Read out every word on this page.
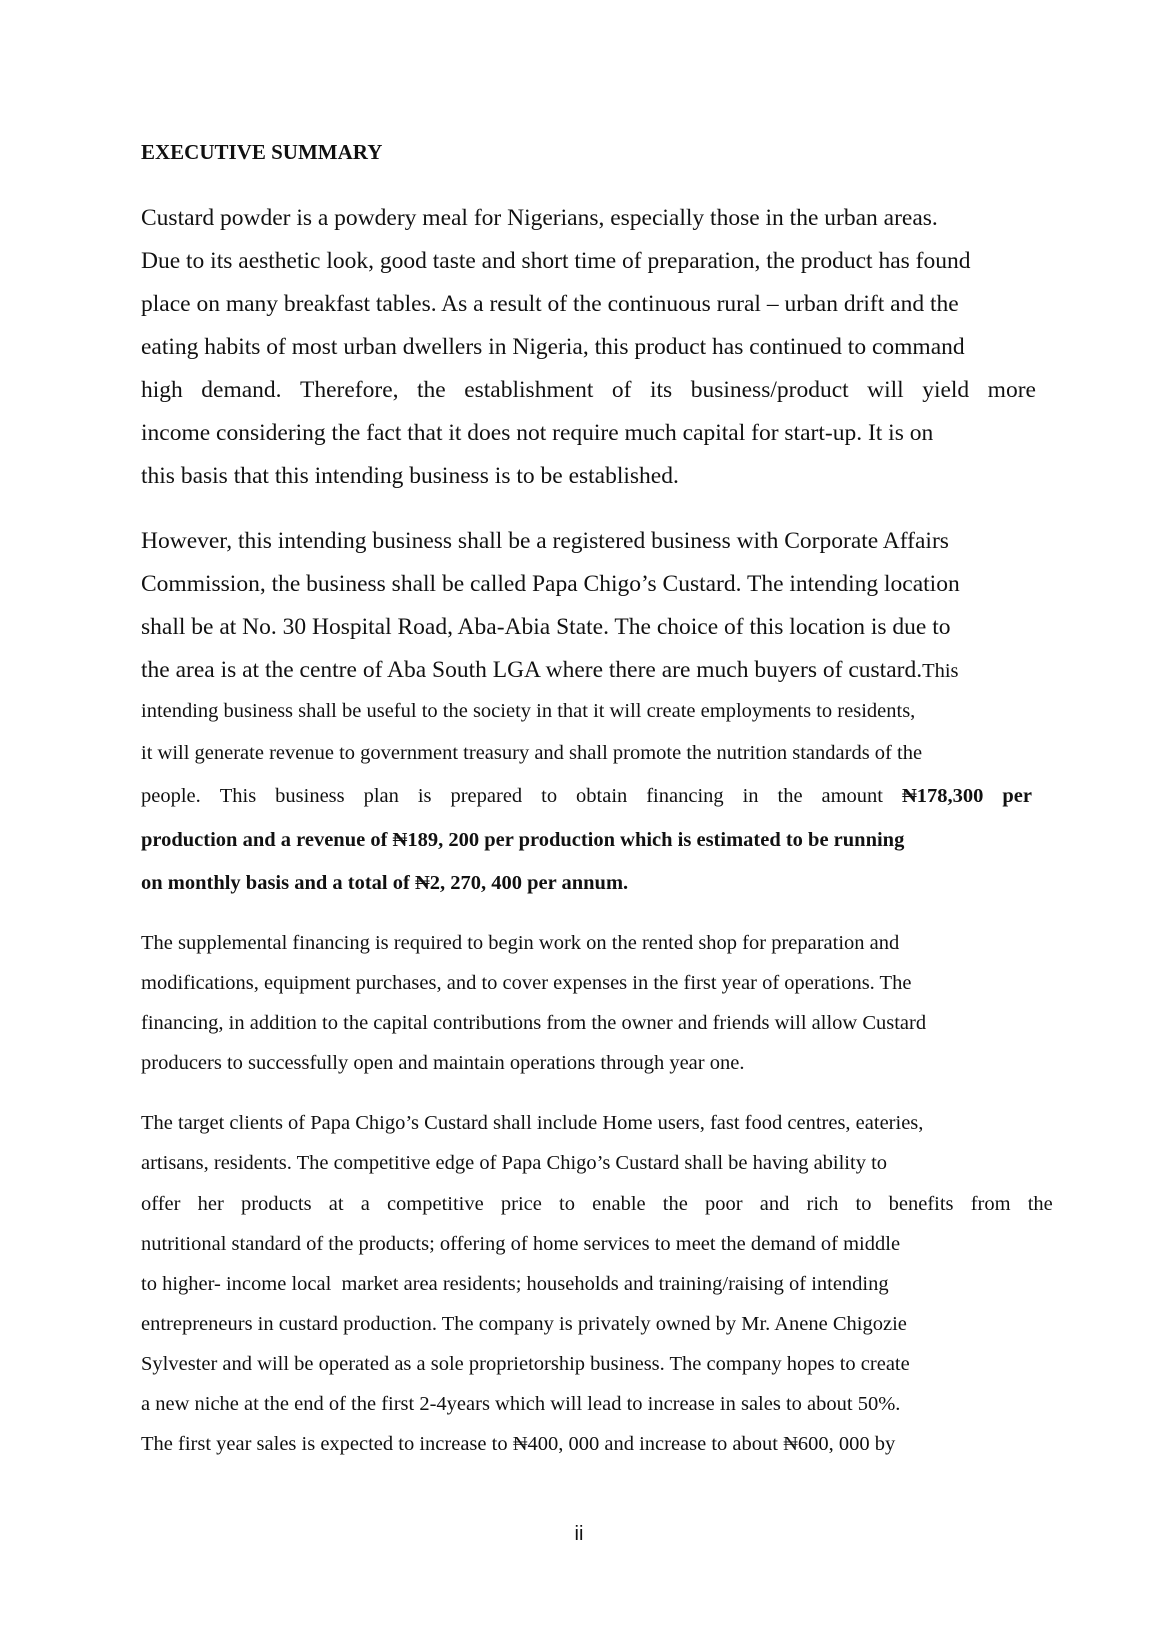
EXECUTIVE SUMMARY
Custard powder is a powdery meal for Nigerians, especially those in the urban areas.
Due to its aesthetic look, good taste and short time of preparation, the product has found
place on many breakfast tables. As a result of the continuous rural – urban drift and the
eating habits of most urban dwellers in Nigeria, this product has continued to command
high demand. Therefore, the establishment of its business/product will yield more
income considering the fact that it does not require much capital for start-up. It is on
this basis that this intending business is to be established.
However, this intending business shall be a registered business with Corporate Affairs
Commission, the business shall be called Papa Chigo’s Custard. The intending location
shall be at No. 30 Hospital Road, Aba-Abia State. The choice of this location is due to
the area is at the centre of Aba South LGA where there are much buyers of custard.This
intending business shall be useful to the society in that it will create employments to residents,
it will generate revenue to government treasury and shall promote the nutrition standards of the
people. This business plan is prepared to obtain financing in the amount ₦178,300 per
production and a revenue of ₦189, 200 per production which is estimated to be running
on monthly basis and a total of ₦2, 270, 400 per annum.
The supplemental financing is required to begin work on the rented shop for preparation and
modifications, equipment purchases, and to cover expenses in the first year of operations. The
financing, in addition to the capital contributions from the owner and friends will allow Custard
producers to successfully open and maintain operations through year one.
The target clients of Papa Chigo’s Custard shall include Home users, fast food centres, eateries,
artisans, residents. The competitive edge of Papa Chigo’s Custard shall be having ability to
offer her products at a competitive price to enable the poor and rich to benefits from the
nutritional standard of the products; offering of home services to meet the demand of middle
to higher- income local  market area residents; households and training/raising of intending
entrepreneurs in custard production. The company is privately owned by Mr. Anene Chigozie
Sylvester and will be operated as a sole proprietorship business. The company hopes to create
a new niche at the end of the first 2-4years which will lead to increase in sales to about 50%.
The first year sales is expected to increase to ₦400, 000 and increase to about ₦600, 000 by
ii
